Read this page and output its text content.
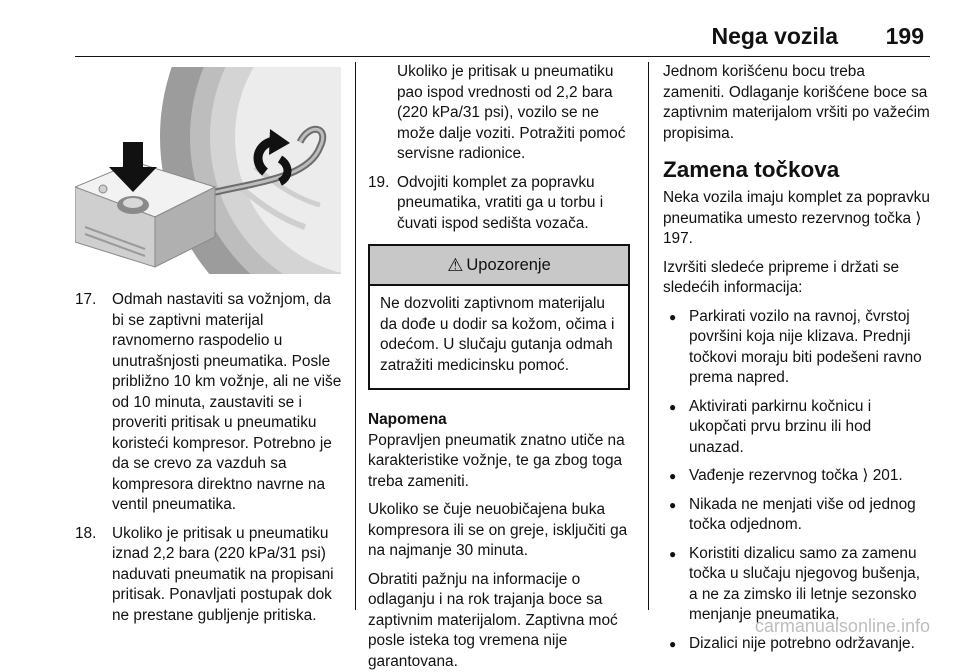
Nega vozila 199
17. Odmah nastaviti sa vožnjom, da bi se zaptivni materijal ravnomerno raspodelio u unutrašnjosti pneumatika. Posle približno 10 km vožnje, ali ne više od 10 minuta, zaustaviti se i proveriti pritisak u pneumatiku koristeći kompresor. Potrebno je da se crevo za vazduh sa kompresora direktno navrne na ventil pneumatika.
18. Ukoliko je pritisak u pneumatiku iznad 2,2 bara (220 kPa/31 psi) naduvati pneumatik na propisani pritisak. Ponavljati postupak dok ne prestane gubljenje pritiska.

Ukoliko je pritisak u pneumatiku pao ispod vrednosti od 2,2 bara (220 kPa/31 psi), vozilo se ne može dalje voziti. Potražiti pomoć servisne radionice.

19. Odvojiti komplet za popravku pneumatika, vratiti ga u torbu i čuvati ispod sedišta vozača.
⚠ Upozorenje
Ne dozvoliti zaptivnom materijalu da dođe u dodir sa kožom, očima i odećom. U slučaju gutanja odmah zatražiti medicinsku pomoć.
Napomena

Popravljen pneumatik znatno utiče na karakteristike vožnje, te ga zbog toga treba zameniti.

Ukoliko se čuje neuobičajena buka kompresora ili se on greje, isključiti ga na najmanje 30 minuta.

Obratiti pažnju na informacije o odlaganju i na rok trajanja boce sa zaptivnim materijalom. Zaptivna moć posle isteka tog vremena nije garantovana.

Jednom korišćenu bocu treba zameniti. Odlaganje korišćene boce sa zaptivnim materijalom vršiti po važećim propisima.

Zamena točkova

Neka vozila imaju komplet za popravku pneumatika umesto rezervnog točka ⟩ 197.

Izvršiti sledeće pripreme i držati se sledećih informacija:

● Parkirati vozilo na ravnoj, čvrstoj površini koja nije klizava. Prednji točkovi moraju biti podešeni ravno prema napred.
● Aktivirati parkirnu kočnicu i ukopčati prvu brzinu ili hod unazad.
● Vađenje rezervnog točka ⟩ 201.
● Nikada ne menjati više od jednog točka odjednom.
● Koristiti dizalicu samo za zamenu točka u slučaju njegovog bušenja, a ne za zimsko ili letnje sezonsko menjanje pneumatika.
● Dizalici nije potrebno održavanje.
carmanualsonline.info
